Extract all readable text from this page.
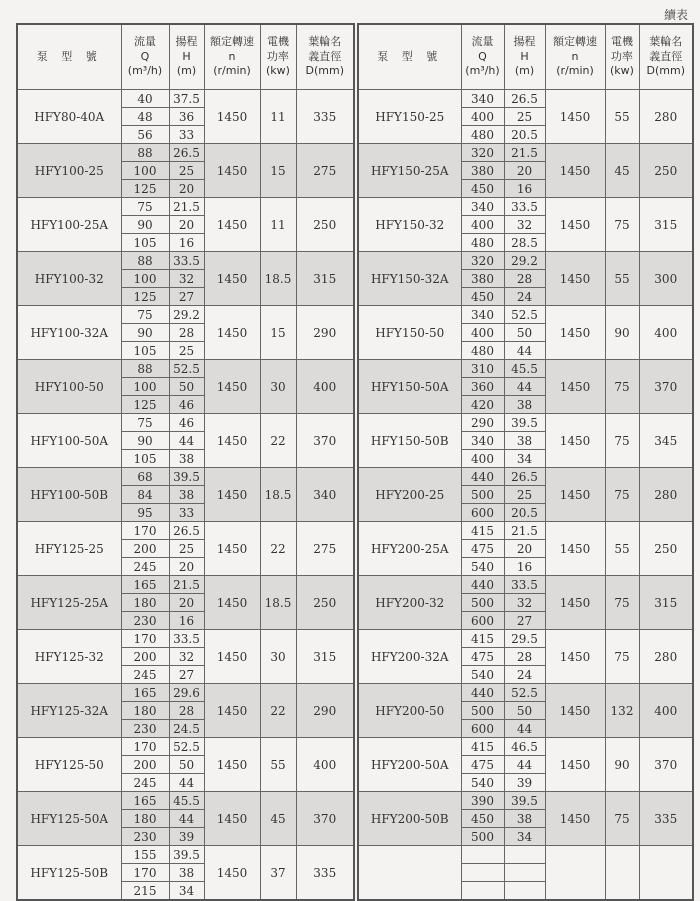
續表
泵 型 號	流量
Q
(m³/h)	揚程
H
(m)	額定轉速
n
(r/min)	電機
功率
(kw)	葉輪名
義直徑
D(mm)

HFY80-40A	40	37.5	1450	11	335
	48	36			
	56	33			
HFY100-25	88	26.5	1450	15	275
	100	25			
	125	20			
HFY100-25A	75	21.5	1450	11	250
	90	20			
	105	16			
HFY100-32	88	33.5	1450	18.5	315
	100	32			
	125	27			
HFY100-32A	75	29.2	1450	15	290
	90	28			
	105	25			
HFY100-50	88	52.5	1450	30	400
	100	50			
	125	46			
HFY100-50A	75	46	1450	22	370
	90	44			
	105	38			
HFY100-50B	68	39.5	1450	18.5	340
	84	38			
	95	33			
HFY125-25	170	26.5	1450	22	275
	200	25			
	245	20			
HFY125-25A	165	21.5	1450	18.5	250
	180	20			
	230	16			
HFY125-32	170	33.5	1450	30	315
	200	32			
	245	27			
HFY125-32A	165	29.6	1450	22	290
	180	28			
	230	24.5			
HFY125-50	170	52.5	1450	55	400
	200	50			
	245	44			
HFY125-50A	165	45.5	1450	45	370
	180	44			
	230	39			
HFY125-50B	155	39.5	1450	37	335
	170	38			
	215	34			
泵 型 號	流量
Q
(m³/h)	揚程
H
(m)	額定轉速
n
(r/min)	電機
功率
(kw)	葉輪名
義直徑
D(mm)

HFY150-25	340	26.5	1450	55	280
	400	25			
	480	20.5			
HFY150-25A	320	21.5	1450	45	250
	380	20			
	450	16			
HFY150-32	340	33.5	1450	75	315
	400	32			
	480	28.5			
HFY150-32A	320	29.2	1450	55	300
	380	28			
	450	24			
HFY150-50	340	52.5	1450	90	400
	400	50			
	480	44			
HFY150-50A	310	45.5	1450	75	370
	360	44			
	420	38			
HFY150-50B	290	39.5	1450	75	345
	340	38			
	400	34			
HFY200-25	440	26.5	1450	75	280
	500	25			
	600	20.5			
HFY200-25A	415	21.5	1450	55	250
	475	20			
	540	16			
HFY200-32	440	33.5	1450	75	315
	500	32			
	600	27			
HFY200-32A	415	29.5	1450	75	280
	475	28			
	540	24			
HFY200-50	440	52.5	1450	132	400
	500	50			
	600	44			
HFY200-50A	415	46.5	1450	90	370
	475	44			
	540	39			
HFY200-50B	390	39.5	1450	75	335
	450	38			
	500	34			
